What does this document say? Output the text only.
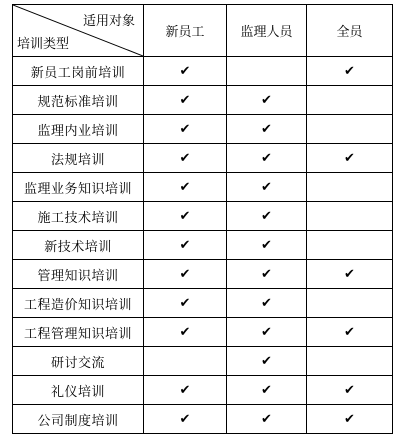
适用对象
培训类型	新员工	监理人员	全员
新员工岗前培训	✔		✔
规范标准培训	✔	✔	
监理内业培训	✔	✔	
法规培训	✔	✔	✔
监理业务知识培训	✔	✔	
施工技术培训	✔	✔	
新技术培训	✔	✔	
管理知识培训	✔	✔	✔
工程造价知识培训	✔	✔	
工程管理知识培训	✔	✔	✔
研讨交流		✔	
礼仪培训	✔	✔	✔
公司制度培训	✔	✔	✔
